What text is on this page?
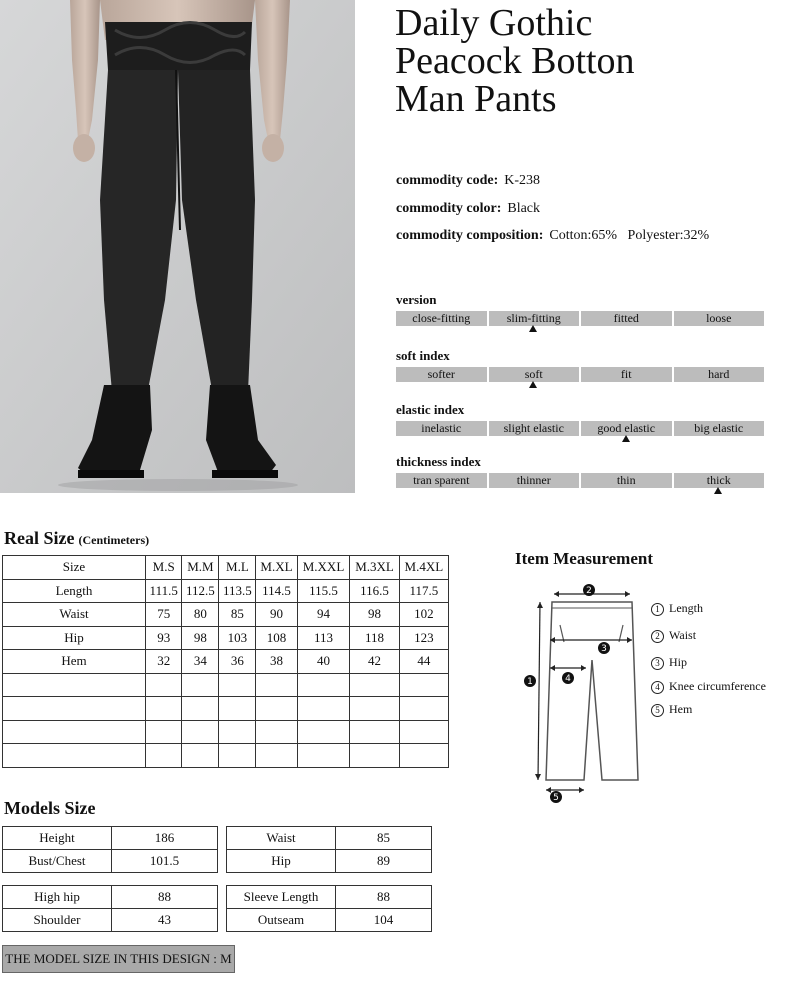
Daily Gothic
Peacock Botton
Man Pants
commodity code: K-238
commodity color: Black
commodity composition: Cotton:65%   Polyester:32%
version
close-fitting	slim-fitting	fitted	loose
soft index
softer	soft	fit	hard
elastic index
inelastic	slight elastic	good elastic	big elastic
thickness index
tran sparent	thinner	thin	thick
Real Size (Centimeters)
Size	M.S	M.M	M.L	M.XL	M.XXL	M.3XL	M.4XL
Length	111.5	112.5	113.5	114.5	115.5	116.5	117.5
Waist	75	80	85	90	94	98	102
Hip	93	98	103	108	113	118	123
Hem	32	34	36	38	40	42	44

Item Measurement
2
3
4
1
5
1 Length
2 Waist
3 Hip
4 Knee circumference
5 Hem
Models Size
Height	186
Bust/Chest	101.5
Waist	85
Hip	89
High hip	88
Shoulder	43
Sleeve Length	88
Outseam	104
THE MODEL SIZE IN THIS DESIGN : M
